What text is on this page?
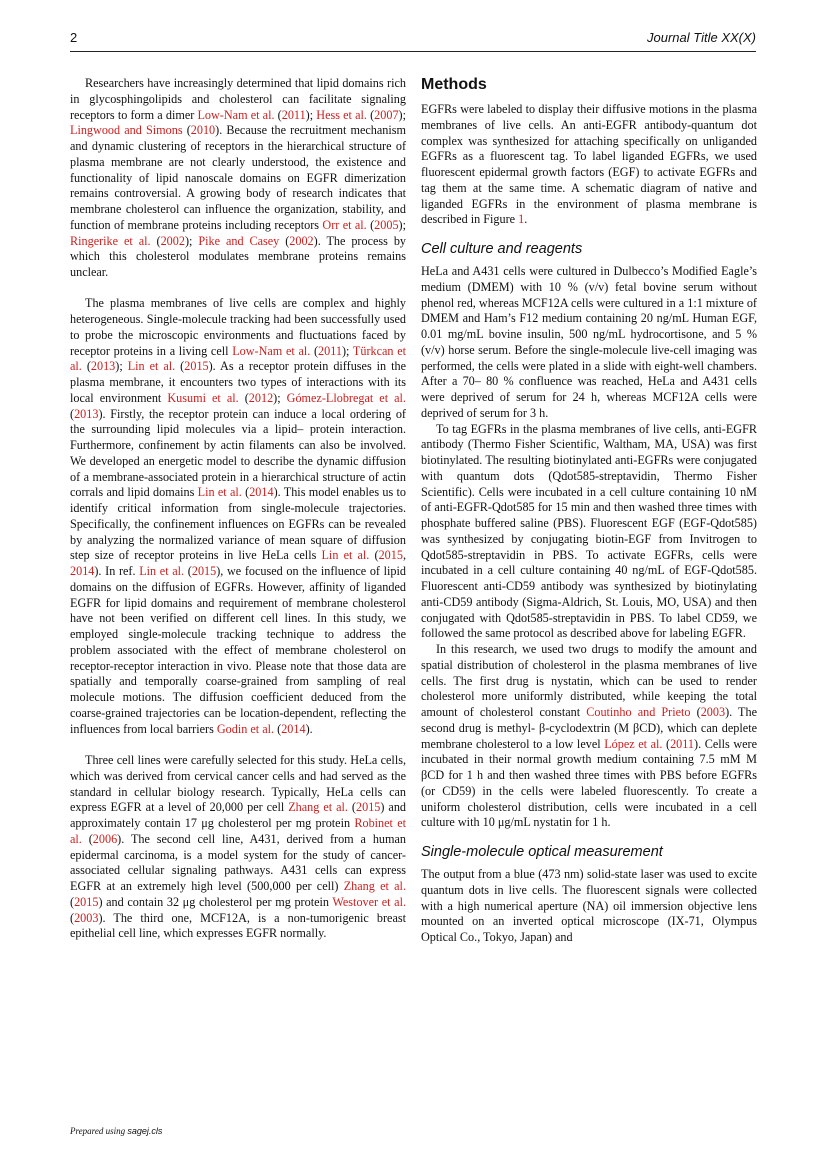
2	Journal Title XX(X)

Researchers have increasingly determined that lipid domains rich in glycosphingolipids and cholesterol can facilitate signaling receptors to form a dimer Low-Nam et al. (2011); Hess et al. (2007); Lingwood and Simons (2010). Because the recruitment mechanism and dynamic clustering of receptors in the hierarchical structure of plasma membrane are not clearly understood, the existence and functionality of lipid nanoscale domains on EGFR dimerization remains controversial. A growing body of research indicates that membrane cholesterol can influence the organization, stability, and function of membrane proteins including receptors Orr et al. (2005); Ringerike et al. (2002); Pike and Casey (2002). The process by which this cholesterol modulates membrane proteins remains unclear.

The plasma membranes of live cells are complex and highly heterogeneous. Single-molecule tracking had been successfully used to probe the microscopic environments and fluctuations faced by receptor proteins in a living cell Low-Nam et al. (2011); Türkcan et al. (2013); Lin et al. (2015). As a receptor protein diffuses in the plasma membrane, it encounters two types of interactions with its local environment Kusumi et al. (2012); Gómez-Llobregat et al. (2013). Firstly, the receptor protein can induce a local ordering of the surrounding lipid molecules via a lipid– protein interaction. Furthermore, confinement by actin filaments can also be involved. We developed an energetic model to describe the dynamic diffusion of a membrane-associated protein in a hierarchical structure of actin corrals and lipid domains Lin et al. (2014). This model enables us to identify critical information from single-molecule trajectories. Specifically, the confinement influences on EGFRs can be revealed by analyzing the normalized variance of mean square of diffusion step size of receptor proteins in live HeLa cells Lin et al. (2015, 2014). In ref. Lin et al. (2015), we focused on the influence of lipid domains on the diffusion of EGFRs. However, affinity of liganded EGFR for lipid domains and requirement of membrane cholesterol have not been verified on different cell lines. In this study, we employed single-molecule tracking technique to address the problem associated with the effect of membrane cholesterol on receptor-receptor interaction in vivo. Please note that those data are spatially and temporally coarse-grained from sampling of real molecule motions. The diffusion coefficient deduced from the coarse-grained trajectories can be location-dependent, reflecting the influences from local barriers Godin et al. (2014).

Three cell lines were carefully selected for this study. HeLa cells, which was derived from cervical cancer cells and had served as the standard in cellular biology research. Typically, HeLa cells can express EGFR at a level of 20,000 per cell Zhang et al. (2015) and approximately contain 17 μg cholesterol per mg protein Robinet et al. (2006). The second cell line, A431, derived from a human epidermal carcinoma, is a model system for the study of cancer-associated cellular signaling pathways. A431 cells can express EGFR at an extremely high level (500,000 per cell) Zhang et al. (2015) and contain 32 μg cholesterol per mg protein Westover et al. (2003). The third one, MCF12A, is a non-tumorigenic breast epithelial cell line, which expresses EGFR normally.

Methods

EGFRs were labeled to display their diffusive motions in the plasma membranes of live cells. An anti-EGFR antibody-quantum dot complex was synthesized for attaching specifically on unliganded EGFRs as a fluorescent tag. To label liganded EGFRs, we used fluorescent epidermal growth factors (EGF) to activate EGFRs and tag them at the same time. A schematic diagram of native and liganded EGFRs in the environment of plasma membrane is described in Figure 1.

Cell culture and reagents

HeLa and A431 cells were cultured in Dulbecco’s Modified Eagle’s medium (DMEM) with 10 % (v/v) fetal bovine serum without phenol red, whereas MCF12A cells were cultured in a 1:1 mixture of DMEM and Ham’s F12 medium containing 20 ng/mL Human EGF, 0.01 mg/mL bovine insulin, 500 ng/mL hydrocortisone, and 5 %(v/v) horse serum. Before the single-molecule live-cell imaging was performed, the cells were plated in a slide with eight-well chambers. After a 70– 80 % confluence was reached, HeLa and A431 cells were deprived of serum for 24 h, whereas MCF12A cells were deprived of serum for 3 h.

To tag EGFRs in the plasma membranes of live cells, anti-EGFR antibody (Thermo Fisher Scientific, Waltham, MA, USA) was first biotinylated. The resulting biotinylated anti-EGFRs were conjugated with quantum dots (Qdot585-streptavidin, Thermo Fisher Scientific). Cells were incubated in a cell culture containing 10 nM of anti-EGFR-Qdot585 for 15 min and then washed three times with phosphate buffered saline (PBS). Fluorescent EGF (EGF-Qdot585) was synthesized by conjugating biotin-EGF from Invitrogen to Qdot585-streptavidin in PBS. To activate EGFRs, cells were incubated in a cell culture containing 40 ng/mL of EGF-Qdot585. Fluorescent anti-CD59 antibody was synthesized by biotinylating anti-CD59 antibody (Sigma-Aldrich, St. Louis, MO, USA) and then conjugated with Qdot585-streptavidin in PBS. To label CD59, we followed the same protocol as described above for labeling EGFR.

In this research, we used two drugs to modify the amount and spatial distribution of cholesterol in the plasma membranes of live cells. The first drug is nystatin, which can be used to render cholesterol more uniformly distributed, while keeping the total amount of cholesterol constant Coutinho and Prieto (2003). The second drug is methyl- β-cyclodextrin (M βCD), which can deplete membrane cholesterol to a low level López et al. (2011). Cells were incubated in their normal growth medium containing 7.5 mM M βCD for 1 h and then washed three times with PBS before EGFRs (or CD59) in the cells were labeled fluorescently. To create a uniform cholesterol distribution, cells were incubated in a cell culture with 10 μg/mL nystatin for 1 h.

Single-molecule optical measurement

The output from a blue (473 nm) solid-state laser was used to excite quantum dots in live cells. The fluorescent signals were collected with a high numerical aperture (NA) oil immersion objective lens mounted on an inverted optical microscope (IX-71, Olympus Optical Co., Tokyo, Japan) and

Prepared using sagej.cls
